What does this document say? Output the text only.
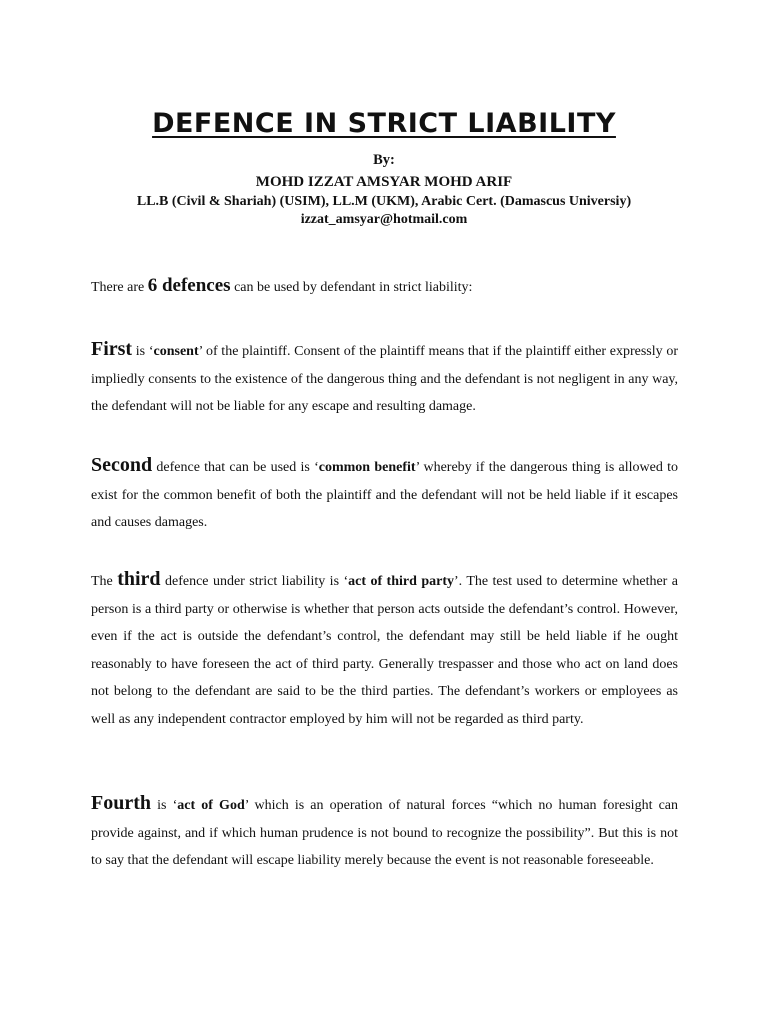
DEFENCE IN STRICT LIABILITY
By:
MOHD IZZAT AMSYAR MOHD ARIF
LL.B (Civil & Shariah) (USIM), LL.M (UKM), Arabic Cert. (Damascus Universiy)
izzat_amsyar@hotmail.com

There are 6 defences can be used by defendant in strict liability:

First is ‘consent’ of the plaintiff. Consent of the plaintiff means that if the plaintiff either expressly or impliedly consents to the existence of the dangerous thing and the defendant is not negligent in any way, the defendant will not be liable for any escape and resulting damage.

Second defence that can be used is ‘common benefit’ whereby if the dangerous thing is allowed to exist for the common benefit of both the plaintiff and the defendant will not be held liable if it escapes and causes damages.

The third defence under strict liability is ‘act of third party’. The test used to determine whether a person is a third party or otherwise is whether that person acts outside the defendant’s control. However, even if the act is outside the defendant’s control, the defendant may still be held liable if he ought reasonably to have foreseen the act of third party. Generally trespasser and those who act on land does not belong to the defendant are said to be the third parties. The defendant’s workers or employees as well as any independent contractor employed by him will not be regarded as third party.

Fourth is ‘act of God’ which is an operation of natural forces “which no human foresight can provide against, and if which human prudence is not bound to recognize the possibility”. But this is not to say that the defendant will escape liability merely because the event is not reasonable foreseeable.
